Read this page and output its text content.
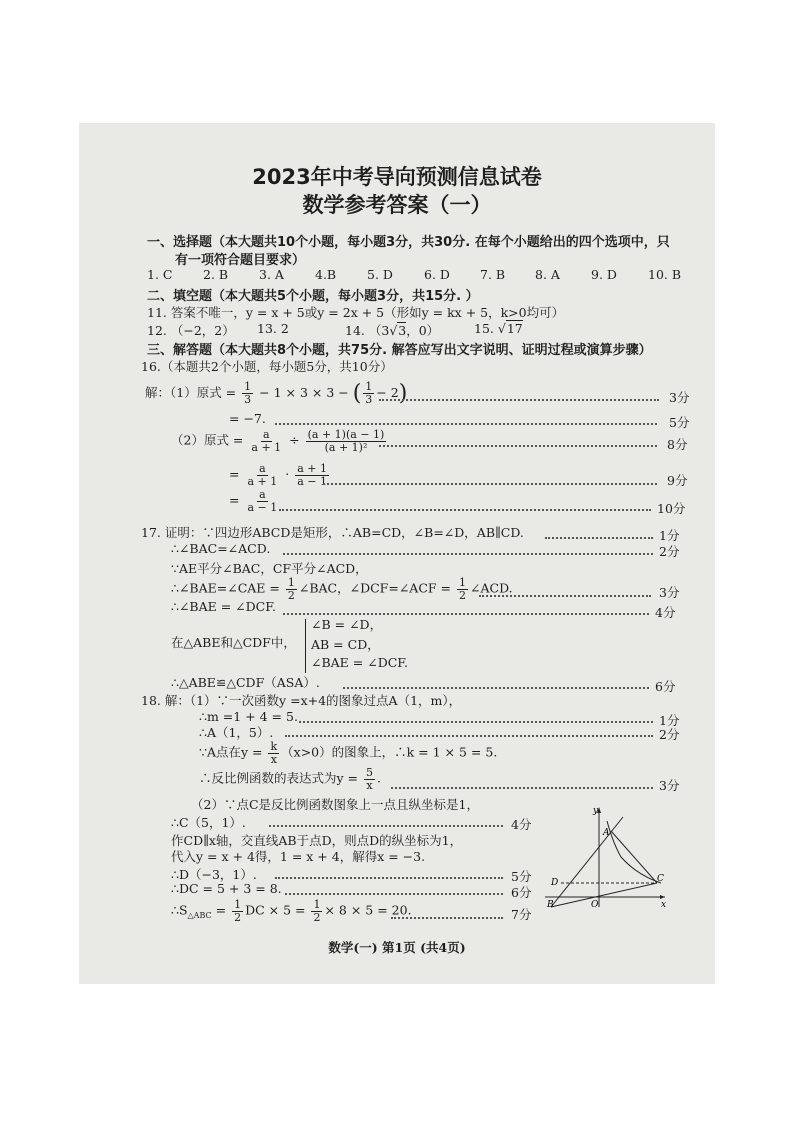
2023年中考导向预测信息试卷
数学参考答案（一）
一、选择题（本大题共10个小题，每小题3分，共30分. 在每个小题给出的四个选项中，只
有一项符合题目要求）
1. C 2. B 3. A 4.B 5. D 6. D 7. B 8. A 9. D 10. B
二、填空题（本大题共5个小题，每小题3分，共15分. ）
11. 答案不唯一，y = x + 5或y = 2x + 5（形如y = kx + 5，k>0均可）
12. （−2，2） 13. 2	14. （3√3，0）	15. √17
三、解答题（本大题共8个小题，共75分. 解答应写出文字说明、证明过程或演算步骤）
16.（本题共2个小题，每小题5分，共10分）
解：（1）原式 = $\frac{1}{3} - 1 \times 3 \times 3$ − ( $\frac{1}{3} - 2$)	3分
= −7.	5分
（2）原式 = $\frac{a}{a + 1} \div \frac{(a + 1)(a - 1)}{\text{(a + 1)²}}$	8分
= $\frac{a}{a + 1} \cdot \frac{a + 1}{a - 1}$	9分
= $\frac{a}{a - 1}$	10分
17. 证明：∵四边形ABCD是矩形，∴AB=CD，∠B=∠D，AB∥CD.	1分
∴∠BAC=∠ACD.	2分
∵AE平分∠BAC，CF平分∠ACD，
∴∠BAE=∠CAE = $\frac{1}{2}$ ∠BAC，∠DCF=∠ACF = $\frac{1}{2}$ ∠ACD.	3分
∴∠BAE = ∠DCF.	4分
在△ABE和△CDF中，
∠B = ∠D，
AB = CD，
∠BAE = ∠DCF.
∴△ABE≌△CDF（ASA）.	6分
18. 解：（1）∵一次函数y =x+4的图象过点A（1，m），
∴m =1 + 4 = 5.	1分
∴A（1，5）.	2分
∵A点在$y = \frac{k}{x} (x>0)$的图象上，∴k = 1 × 5 = 5.
∴反比例函数的表达式为$y = \frac{5}{x}$ .	3分
（2）∵点C是反比例函数图象上一点且纵坐标是1，
∴C（5，1）.	4分
作CD∥x轴，交直线AB于点D，则点D的纵坐标为1，
代入y = x + 4得，1 = x + 4，解得x = −3.
∴D（−3，1）.	5分
∴DC = 5 + 3 = 8.	6分
$\therefore S_{\triangle ABC} = \frac{1}{2}$ DC × $5 = \frac{1}{2} \times 8 \times 5 = 20$.	7分
y
x
A
C
D
B	O
数学(一) 第1页 (共4页)
